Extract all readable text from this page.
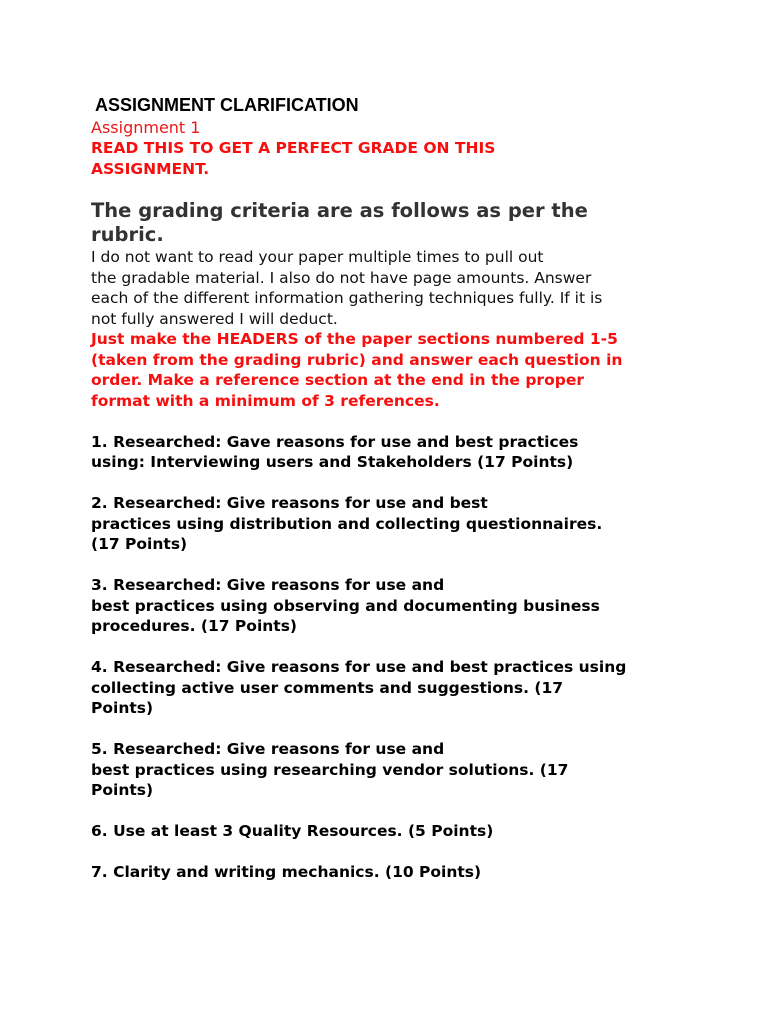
ASSIGNMENT CLARIFICATION
Assignment 1
READ THIS TO GET A PERFECT GRADE ON THIS
ASSIGNMENT.
The grading criteria are as follows as per the
rubric.
I do not want to read your paper multiple times to pull out
the gradable material. I also do not have page amounts. Answer
each of the different information gathering techniques fully. If it is
not fully answered I will deduct.
Just make the HEADERS of the paper sections numbered 1-5
(taken from the grading rubric) and answer each question in
order. Make a reference section at the end in the proper
format with a minimum of 3 references.
1. Researched: Gave reasons for use and best practices
using: Interviewing users and Stakeholders (17 Points)
2. Researched: Give reasons for use and best
practices using distribution and collecting questionnaires.
(17 Points)
3. Researched: Give reasons for use and
best practices using observing and documenting business
procedures. (17 Points)
4. Researched: Give reasons for use and best practices using
collecting active user comments and suggestions. (17
Points)
5. Researched: Give reasons for use and
best practices using researching vendor solutions. (17
Points)
6. Use at least 3 Quality Resources. (5 Points)
7. Clarity and writing mechanics. (10 Points)
